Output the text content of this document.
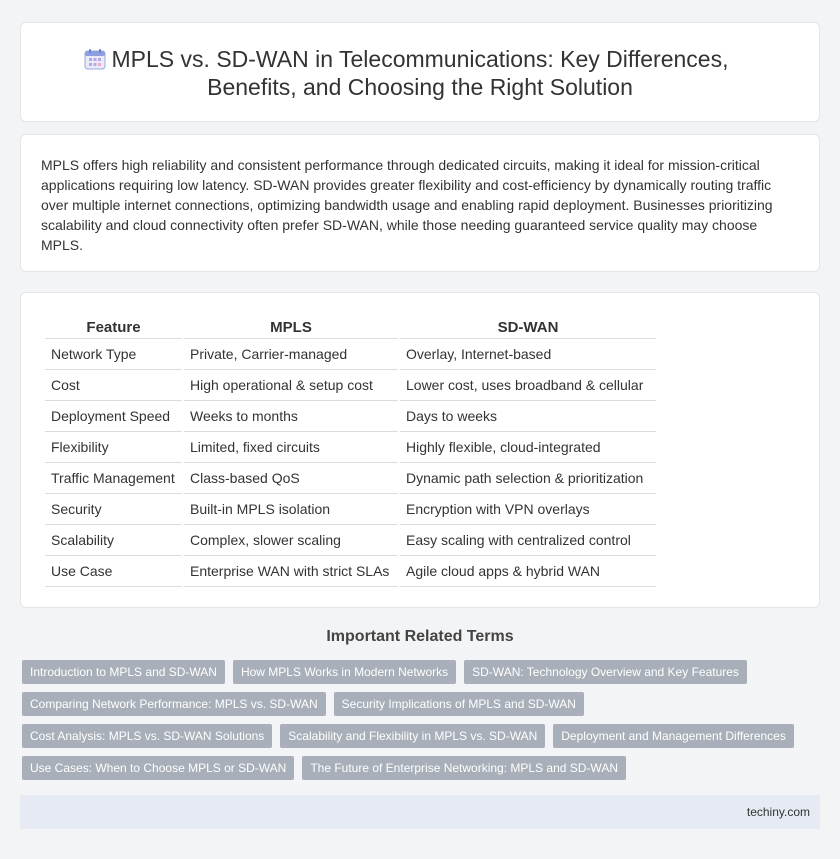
MPLS vs. SD-WAN in Telecommunications: Key Differences, Benefits, and Choosing the Right Solution

MPLS offers high reliability and consistent performance through dedicated circuits, making it ideal for mission-critical applications requiring low latency. SD-WAN provides greater flexibility and cost-efficiency by dynamically routing traffic over multiple internet connections, optimizing bandwidth usage and enabling rapid deployment. Businesses prioritizing scalability and cloud connectivity often prefer SD-WAN, while those needing guaranteed service quality may choose MPLS.

Feature	MPLS	SD-WAN
Network Type	Private, Carrier-managed	Overlay, Internet-based
Cost	High operational & setup cost	Lower cost, uses broadband & cellular
Deployment Speed	Weeks to months	Days to weeks
Flexibility	Limited, fixed circuits	Highly flexible, cloud-integrated
Traffic Management	Class-based QoS	Dynamic path selection & prioritization
Security	Built-in MPLS isolation	Encryption with VPN overlays
Scalability	Complex, slower scaling	Easy scaling with centralized control
Use Case	Enterprise WAN with strict SLAs	Agile cloud apps & hybrid WAN
Important Related Terms
Introduction to MPLS and SD-WAN	How MPLS Works in Modern Networks	SD-WAN: Technology Overview and Key Features
Comparing Network Performance: MPLS vs. SD-WAN	Security Implications of MPLS and SD-WAN
Cost Analysis: MPLS vs. SD-WAN Solutions	Scalability and Flexibility in MPLS vs. SD-WAN	Deployment and Management Differences
Use Cases: When to Choose MPLS or SD-WAN	The Future of Enterprise Networking: MPLS and SD-WAN
techiny.com
